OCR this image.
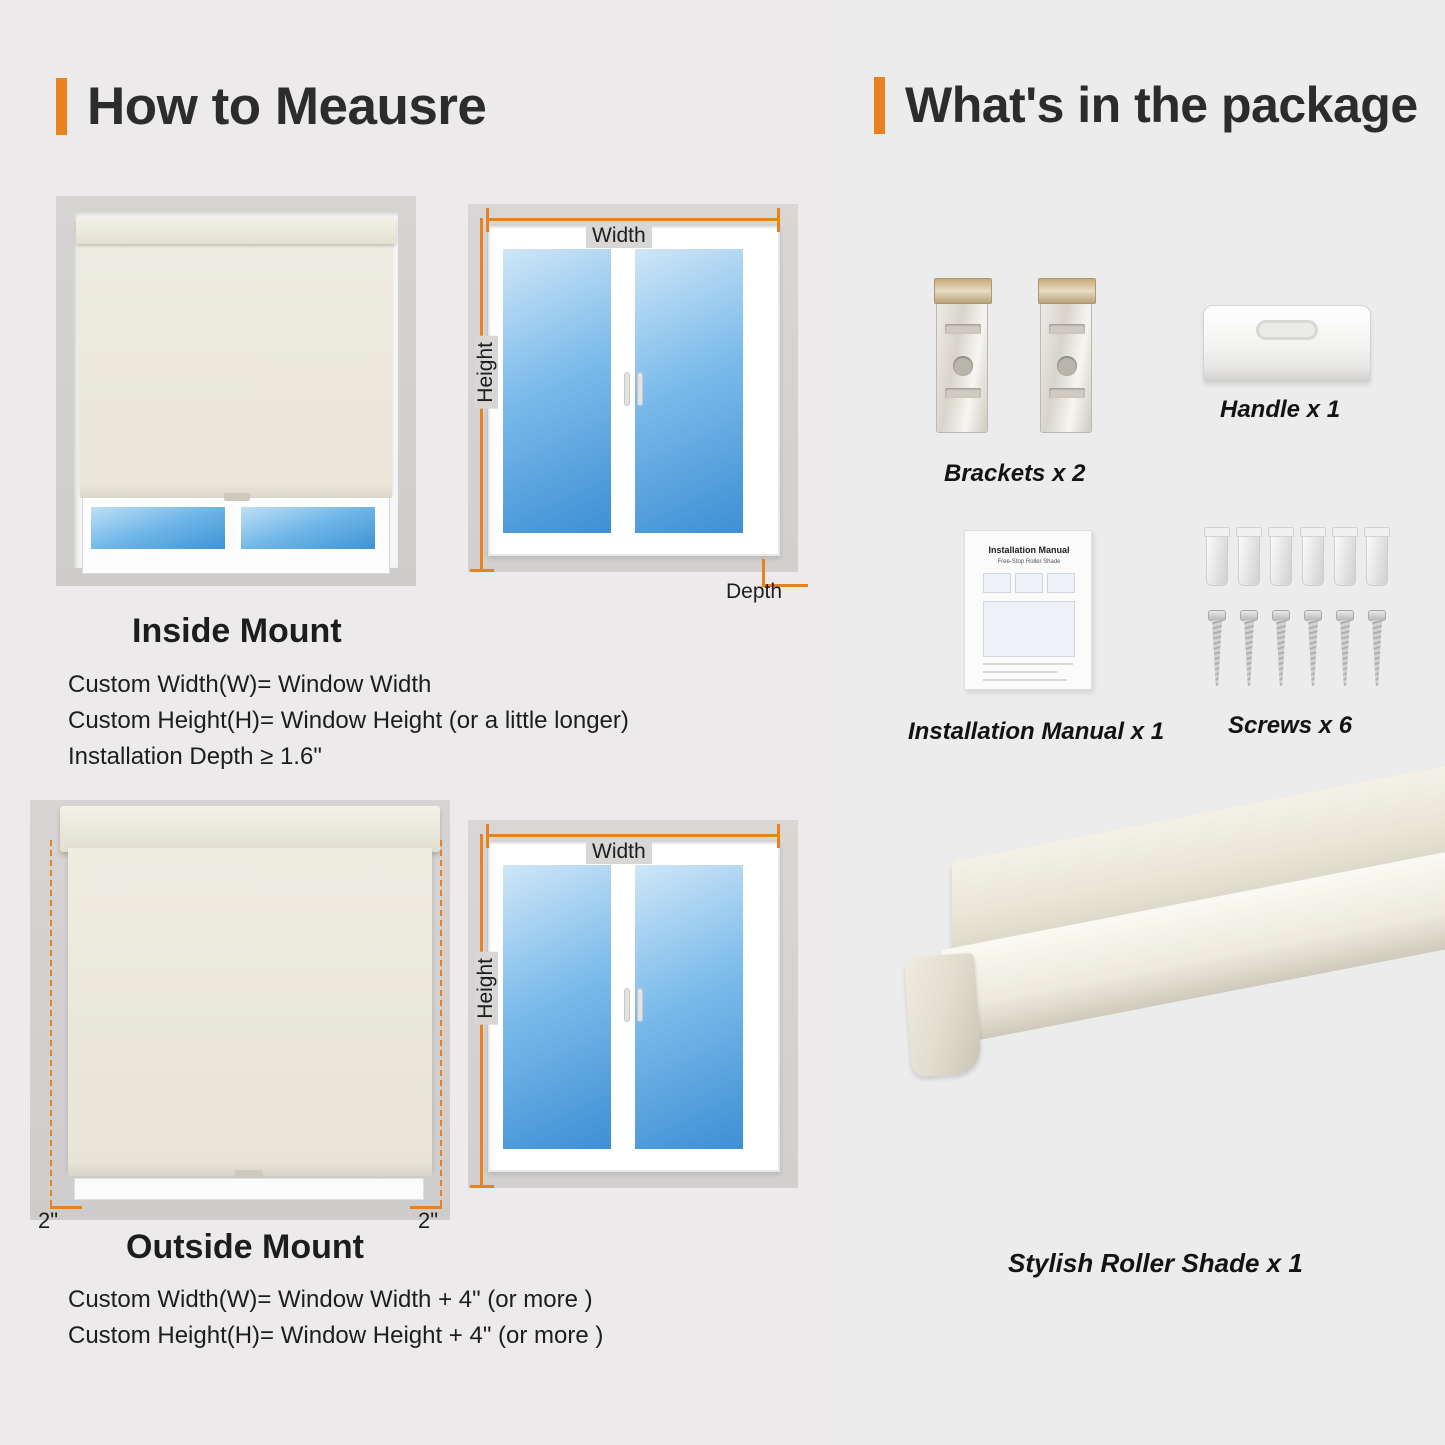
How to Meausre
Width
Height
Depth
Inside Mount
Custom Width(W)= Window Width
Custom Height(H)= Window Height (or a little longer)
Installation Depth ≥ 1.6"
2"	2"
Width
Height
Outside Mount
Custom Width(W)= Window Width + 4" (or more )
Custom Height(H)= Window Height + 4" (or more )
What's in the package
Brackets x 2
Handle x 1
Installation Manual
Free-Stop Roller Shade
Installation Manual x 1	Screws x 6
Stylish Roller Shade x 1
